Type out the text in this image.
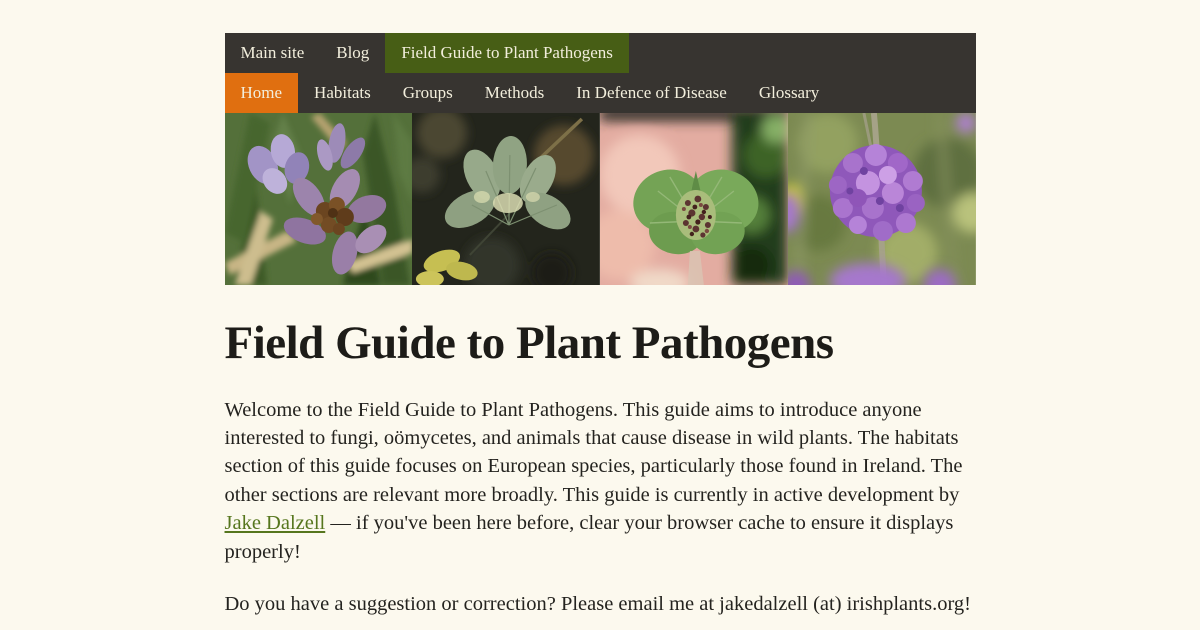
Main site	Blog	Field Guide to Plant Pathogens
Home	Habitats	Groups	Methods	In Defence of Disease	Glossary
Field Guide to Plant Pathogens

Welcome to the Field Guide to Plant Pathogens. This guide aims to introduce anyone interested to fungi, oömycetes, and animals that cause disease in wild plants. The habitats section of this guide focuses on European species, particularly those found in Ireland. The other sections are relevant more broadly. This guide is currently in active development by Jake Dalzell — if you've been here before, clear your browser cache to ensure it displays properly!

Do you have a suggestion or correction? Please email me at jakedalzell (at) irishplants.org!
